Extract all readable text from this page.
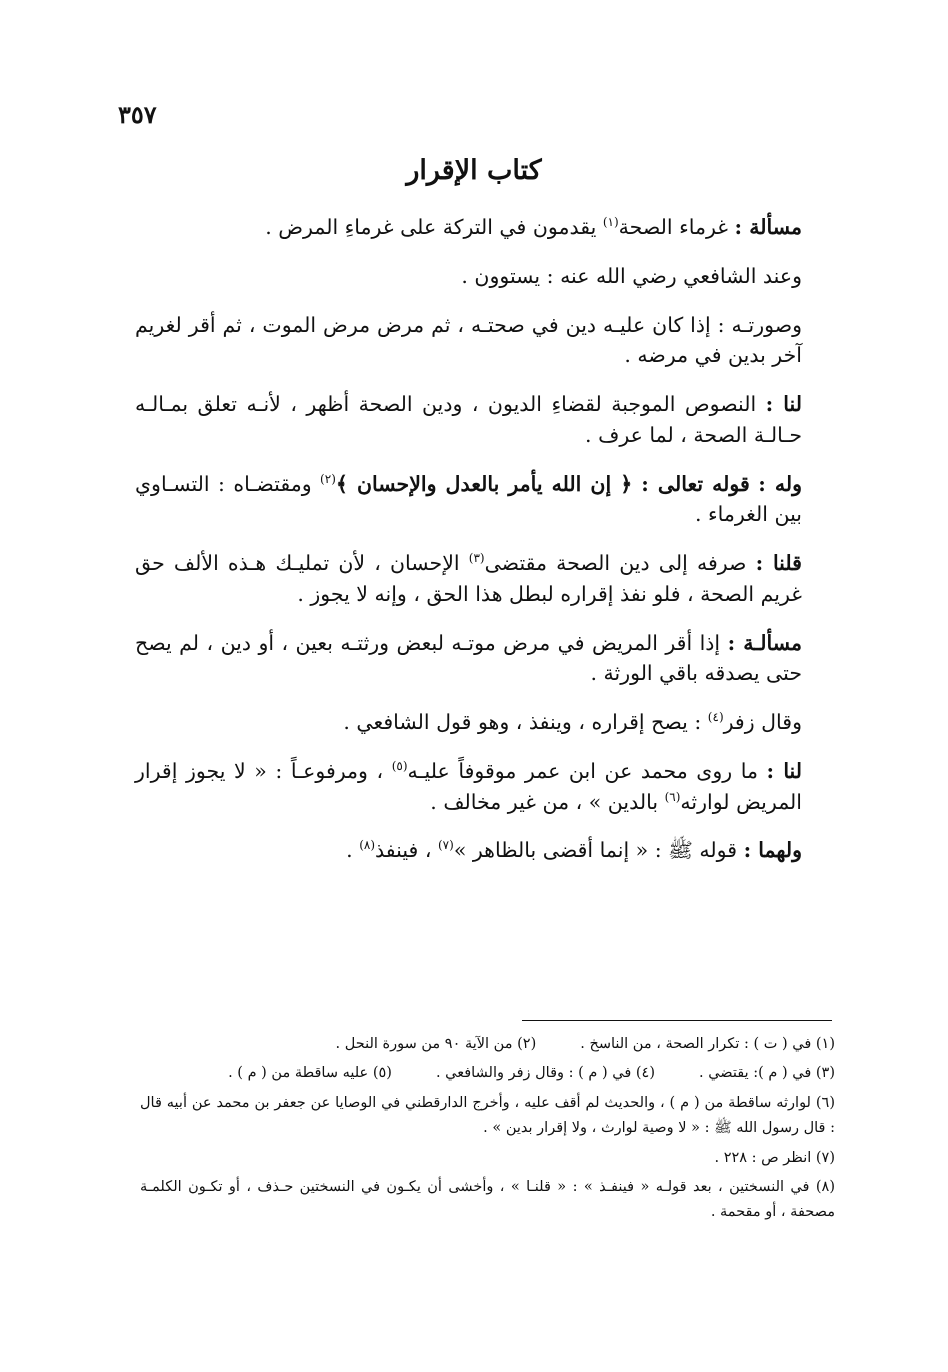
٣٥٧
كتاب الإقرار

مسألة : غرماء الصحة$^{(١)}$ يقدمون في التركة على غرماءِ المرض .

وعند الشافعي رضي الله عنه : يستوون .

وصورتـه : إذا كان عليـه دين في صحتـه ، ثم مرض مرض الموت ، ثم أقر لغريم آخر بدين في مرضه .

لنا : النصوص الموجبة لقضاءِ الديون ، ودين الصحة أظهر ، لأنـه تعلق بمـالـه حـالـة الصحة ، لما عرف .

وله : قوله تعالى : ﴿ إن الله يأمر بالعدل والإحسان ﴾$^{(٢)}$ ومقتضـاه : التسـاوي بين الغرماء .

قلنا : صرفه إلى دين الصحة مقتضى$^{(٣)}$ الإحسان ، لأن تمليـك هـذه الألف حق غريم الصحة ، فلو نفذ إقراره لبطل هذا الحق ، وإنه لا يجوز .

مسألـة : إذا أقر المريض في مرض موتـه لبعض ورثتـه بعين ، أو دين ، لم يصح حتى يصدقه باقي الورثة .

وقال زفر$^{(٤)}$ : يصح إقراره ، وينفذ ، وهو قول الشافعي .

لنا : ما روى محمد عن ابن عمر موقوفاً عليـه$^{(٥)}$ ، ومرفوعـاً : « لا يجوز إقرار المريض لوارثه$^{(٦)}$ بالدين » ، من غير مخالف .

ولهما : قوله ﷺ : « إنما أقضى بالظاهر »$^{(٧)}$ ، فينفذ$^{(٨)}$ .

(١) في ( ت ) : تكرار الصحة ، من الناسخ .
(٢) من الآية ٩٠ من سورة النحل .
(٣) في ( م ): يقتضي .
(٤) في ( م ) : وقال زفر والشافعي .
(٥) عليه ساقطة من ( م ) .
(٦) لوارثه ساقطة من ( م ) ، والحديث لم أقف عليه ، وأخرج الدارقطني في الوصايا عن جعفر بن محمد عن أبيه قال : قال رسول الله ﷺ : « لا وصية لوارث ، ولا إقرار بدين » .
(٧) انظر ص : ٢٢٨ .
(٨) في النسختين ، بعد قولـه « فينفـذ » : « قلنـا » ، وأخشى أن يكـون في النسختين حـذف ، أو تكـون الكلمـة مصحفة ، أو مقحمة .
